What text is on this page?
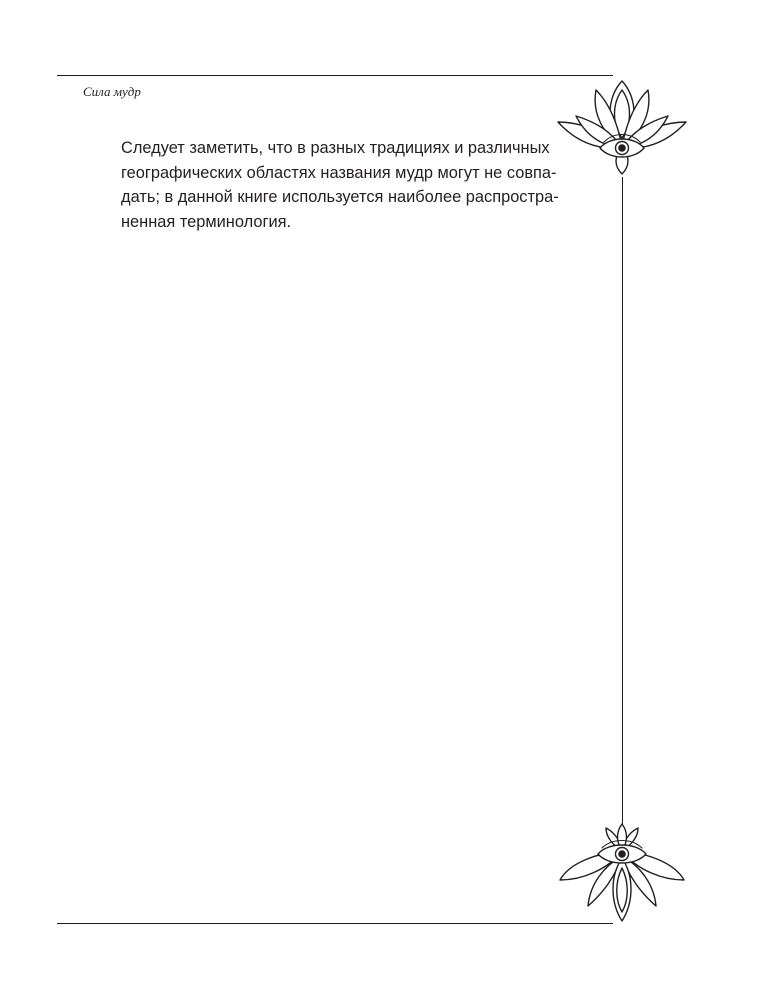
Сила мудр
Следует заметить, что в разных традициях и различных
географических областях названия мудр могут не совпа-
дать; в данной книге используется наиболее распростра-
ненная терминология.
